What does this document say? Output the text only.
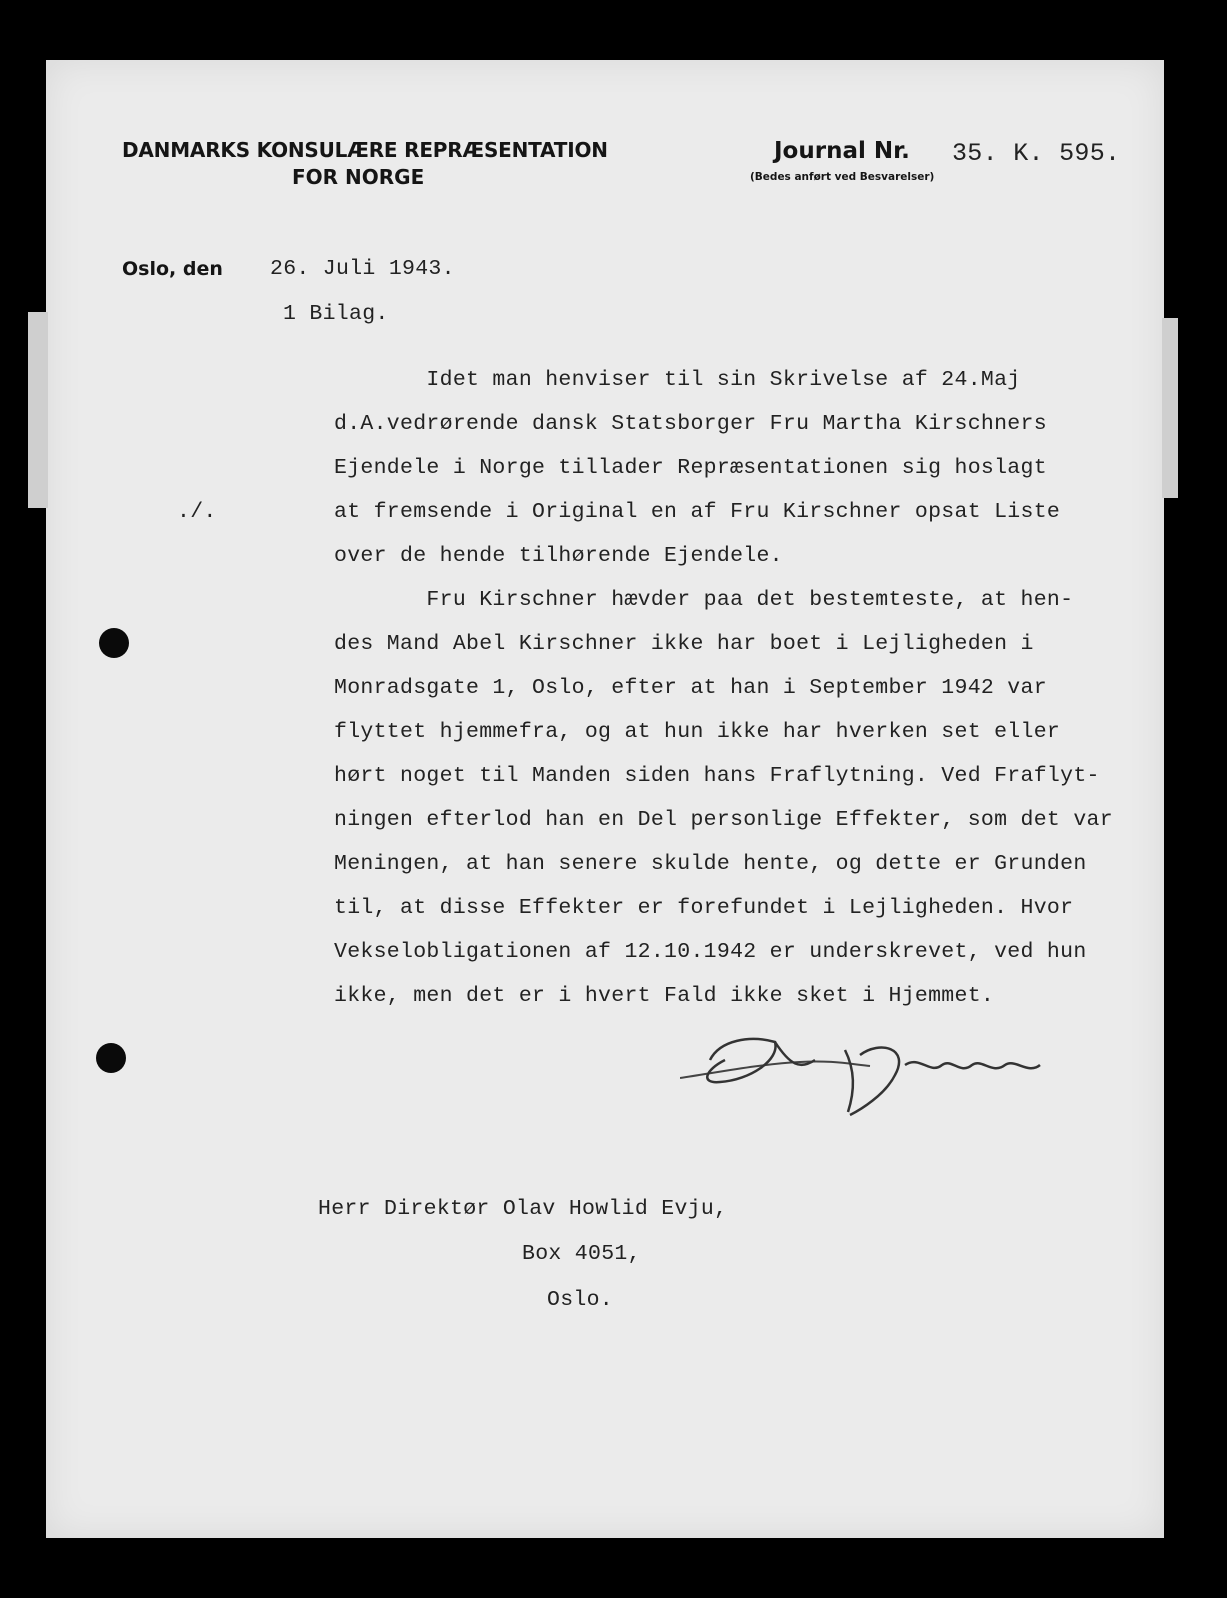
DANMARKS KONSULÆRE REPRÆSENTATION
FOR NORGE
Journal Nr.
(Bedes anført ved Besvarelser)
35. K. 595.
Oslo, den 26. Juli 1943.
1 Bilag.
./.
Idet man henviser til sin Skrivelse af 24.Maj
d.A.vedrørende dansk Statsborger Fru Martha Kirschners
Ejendele i Norge tillader Repræsentationen sig hoslagt
at fremsende i Original en af Fru Kirschner opsat Liste
over de hende tilhørende Ejendele.
Fru Kirschner hævder paa det bestemteste, at hen-
des Mand Abel Kirschner ikke har boet i Lejligheden i
Monradsgate 1, Oslo, efter at han i September 1942 var
flyttet hjemmefra, og at hun ikke har hverken set eller
hørt noget til Manden siden hans Fraflytning. Ved Fraflyt-
ningen efterlod han en Del personlige Effekter, som det var
Meningen, at han senere skulde hente, og dette er Grunden
til, at disse Effekter er forefundet i Lejligheden. Hvor
Vekselobligationen af 12.10.1942 er underskrevet, ved hun
ikke, men det er i hvert Fald ikke sket i Hjemmet.
Herr Direktør Olav Howlid Evju,
Box 4051,
Oslo.
